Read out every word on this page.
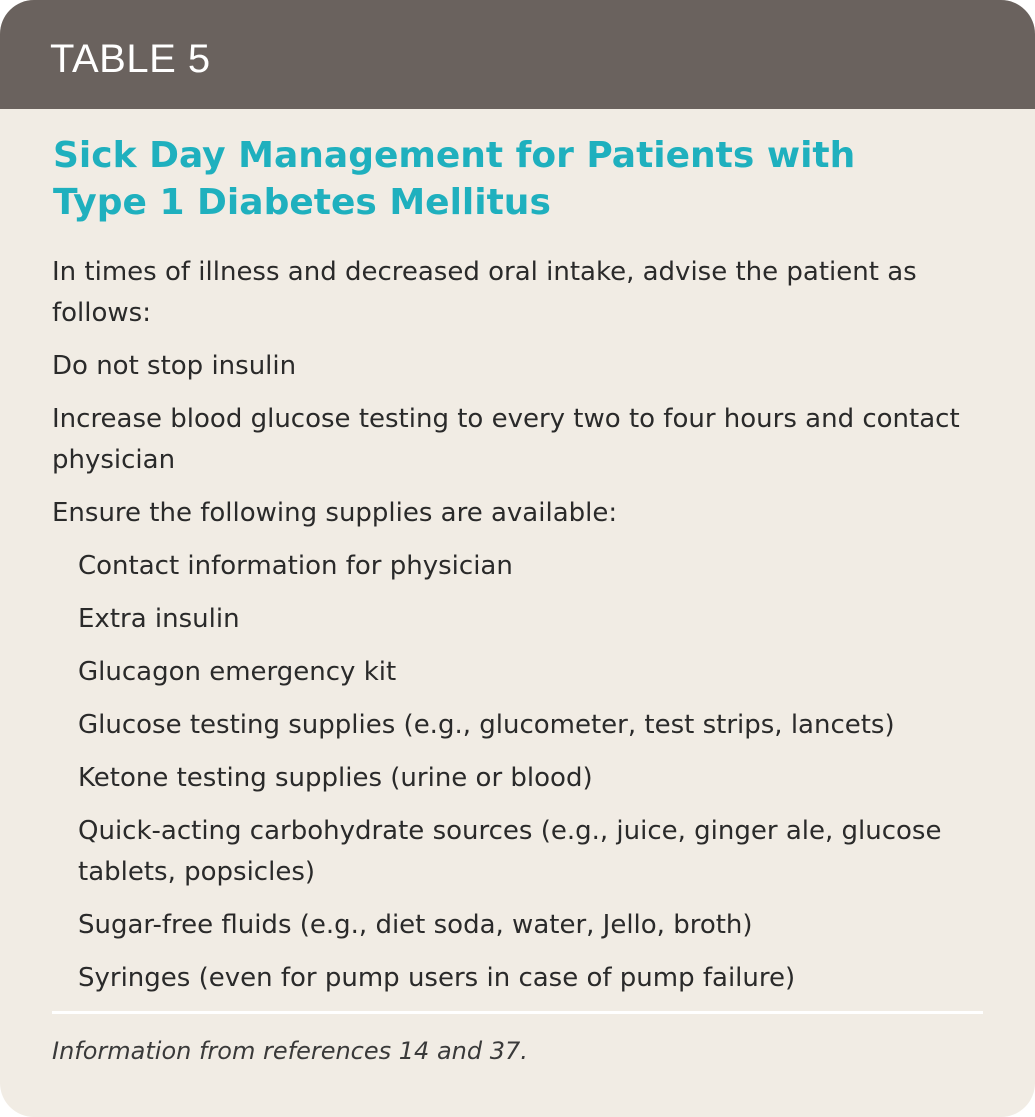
TABLE 5
Sick Day Management for Patients with Type 1 Diabetes Mellitus

In times of illness and decreased oral intake, advise the patient as follows:

Do not stop insulin

Increase blood glucose testing to every two to four hours and contact physician

Ensure the following supplies are available:

Contact information for physician
Extra insulin
Glucagon emergency kit
Glucose testing supplies (e.g., glucometer, test strips, lancets)
Ketone testing supplies (urine or blood)
Quick-acting carbohydrate sources (e.g., juice, ginger ale, glucose tablets, popsicles)
Sugar-free fluids (e.g., diet soda, water, Jello, broth)
Syringes (even for pump users in case of pump failure)

Information from references 14 and 37.
